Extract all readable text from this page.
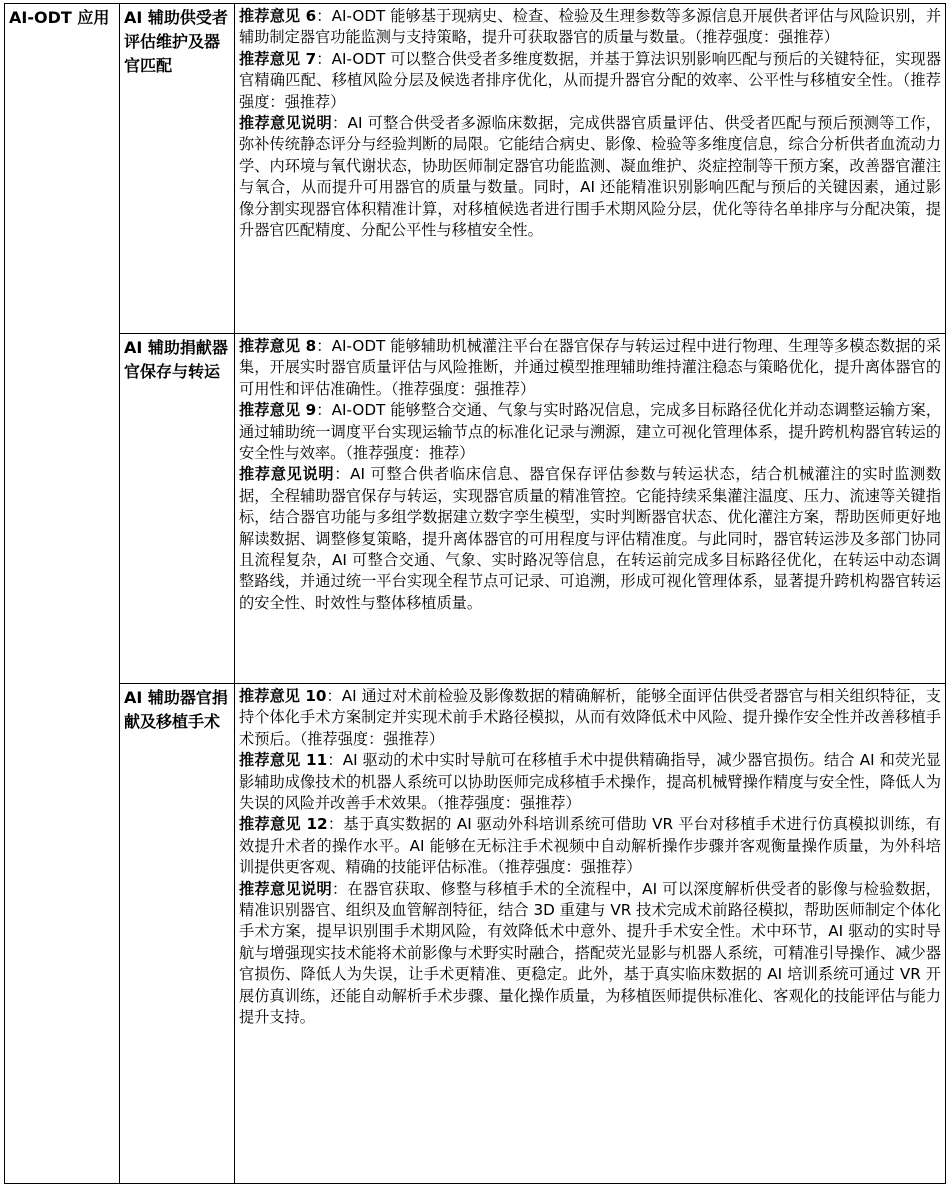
AI-ODT 应用	AI 辅助供受者评估维护及器官匹配	推荐意见 6：AI-ODT 能够基于现病史、检查、检验及生理参数等多源信息开展供者评估与风险识别，并辅助制定器官功能监测与支持策略，提升可获取器官的质量与数量。（推荐强度：强推荐）

推荐意见 7：AI-ODT 可以整合供受者多维度数据，并基于算法识别影响匹配与预后的关键特征，实现器官精确匹配、移植风险分层及候选者排序优化，从而提升器官分配的效率、公平性与移植安全性。（推荐强度：强推荐）

推荐意见说明：AI 可整合供受者多源临床数据，完成供器官质量评估、供受者匹配与预后预测等工作，弥补传统静态评分与经验判断的局限。它能结合病史、影像、检验等多维度信息，综合分析供者血流动力学、内环境与氧代谢状态，协助医师制定器官功能监测、凝血维护、炎症控制等干预方案，改善器官灌注与氧合，从而提升可用器官的质量与数量。同时，AI 还能精准识别影响匹配与预后的关键因素，通过影像分割实现器官体积精准计算，对移植候选者进行围手术期风险分层，优化等待名单排序与分配决策，提升器官匹配精度、分配公平性与移植安全性。

	AI 辅助捐献器官保存与转运	推荐意见 8：AI-ODT 能够辅助机械灌注平台在器官保存与转运过程中进行物理、生理等多模态数据的采集，开展实时器官质量评估与风险推断，并通过模型推理辅助维持灌注稳态与策略优化，提升离体器官的可用性和评估准确性。（推荐强度：强推荐）

推荐意见 9：AI-ODT 能够整合交通、气象与实时路况信息，完成多目标路径优化并动态调整运输方案，通过辅助统一调度平台实现运输节点的标准化记录与溯源，建立可视化管理体系，提升跨机构器官转运的安全性与效率。（推荐强度：推荐）

推荐意见说明：AI 可整合供者临床信息、器官保存评估参数与转运状态，结合机械灌注的实时监测数据，全程辅助器官保存与转运，实现器官质量的精准管控。它能持续采集灌注温度、压力、流速等关键指标，结合器官功能与多组学数据建立数字孪生模型，实时判断器官状态、优化灌注方案，帮助医师更好地解读数据、调整修复策略，提升离体器官的可用程度与评估精准度。与此同时，器官转运涉及多部门协同且流程复杂，AI 可整合交通、气象、实时路况等信息，在转运前完成多目标路径优化，在转运中动态调整路线，并通过统一平台实现全程节点可记录、可追溯，形成可视化管理体系，显著提升跨机构器官转运的安全性、时效性与整体移植质量。

	AI 辅助器官捐献及移植手术	推荐意见 10：AI 通过对术前检验及影像数据的精确解析，能够全面评估供受者器官与相关组织特征，支持个体化手术方案制定并实现术前手术路径模拟，从而有效降低术中风险、提升操作安全性并改善移植手术预后。（推荐强度：强推荐）

推荐意见 11：AI 驱动的术中实时导航可在移植手术中提供精确指导，减少器官损伤。结合 AI 和荧光显影辅助成像技术的机器人系统可以协助医师完成移植手术操作，提高机械臂操作精度与安全性，降低人为失误的风险并改善手术效果。（推荐强度：强推荐）

推荐意见 12：基于真实数据的 AI 驱动外科培训系统可借助 VR 平台对移植手术进行仿真模拟训练，有效提升术者的操作水平。AI 能够在无标注手术视频中自动解析操作步骤并客观衡量操作质量，为外科培训提供更客观、精确的技能评估标准。（推荐强度：强推荐）

推荐意见说明：在器官获取、修整与移植手术的全流程中，AI 可以深度解析供受者的影像与检验数据，精准识别器官、组织及血管解剖特征，结合 3D 重建与 VR 技术完成术前路径模拟，帮助医师制定个体化手术方案，提早识别围手术期风险，有效降低术中意外、提升手术安全性。术中环节，AI 驱动的实时导航与增强现实技术能将术前影像与术野实时融合，搭配荧光显影与机器人系统，可精准引导操作、减少器官损伤、降低人为失误，让手术更精准、更稳定。此外，基于真实临床数据的 AI 培训系统可通过 VR 开展仿真训练，还能自动解析手术步骤、量化操作质量，为移植医师提供标准化、客观化的技能评估与能力提升支持。
